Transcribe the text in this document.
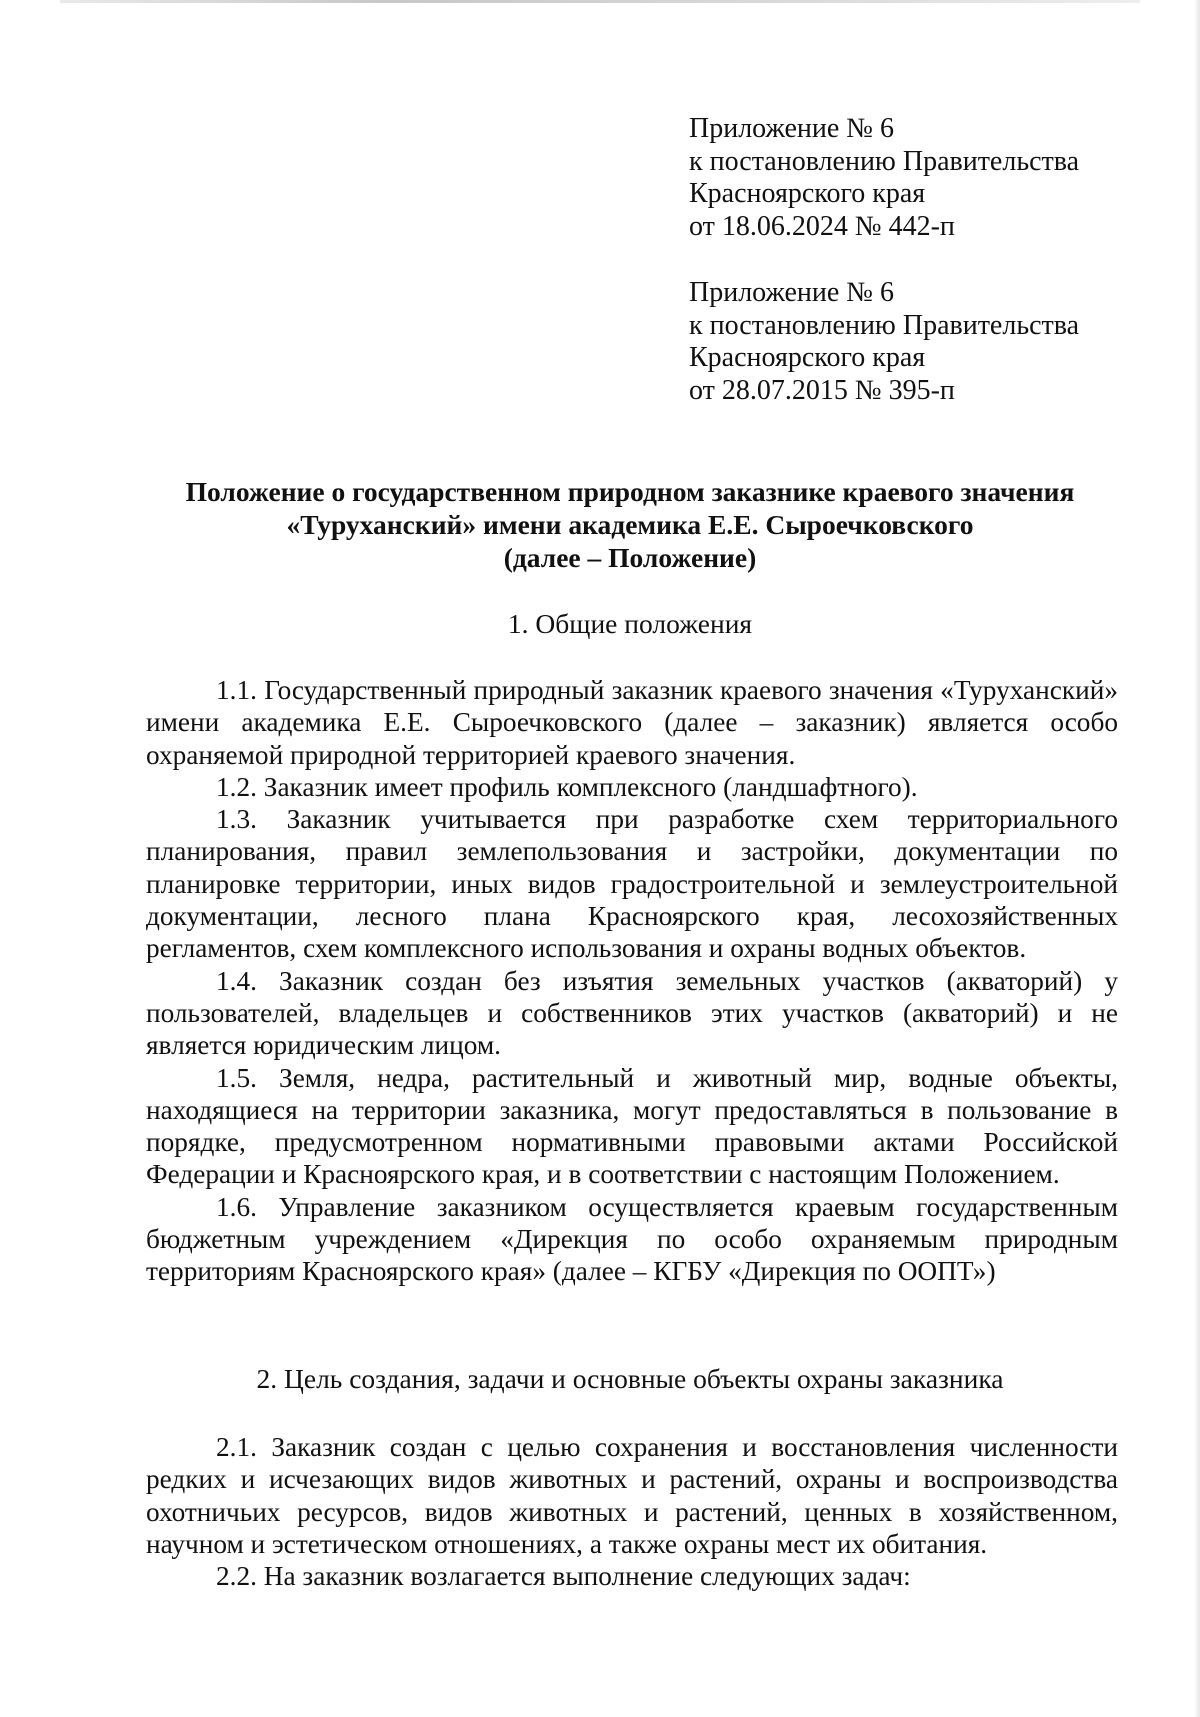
Приложение № 6
к постановлению Правительства
Красноярского края
от 18.06.2024 № 442-п
Приложение № 6
к постановлению Правительства
Красноярского края
от 28.07.2015 № 395-п
Положение о государственном природном заказнике краевого значения
«Туруханский» имени академика Е.Е. Сыроечковского
(далее – Положение)
1. Общие положения

1.1. Государственный природный заказник краевого значения «Туруханский» имени академика Е.Е. Сыроечковского (далее – заказник) является особо охраняемой природной территорией краевого значения.

1.2. Заказник имеет профиль комплексного (ландшафтного).

1.3. Заказник учитывается при разработке схем территориального планирования, правил землепользования и застройки, документации по планировке территории, иных видов градостроительной и землеустроительной документации, лесного плана Красноярского края, лесохозяйственных регламентов, схем комплексного использования и охраны водных объектов.

1.4. Заказник создан без изъятия земельных участков (акваторий) у пользователей, владельцев и собственников этих участков (акваторий) и не является юридическим лицом.

1.5. Земля, недра, растительный и животный мир, водные объекты, находящиеся на территории заказника, могут предоставляться в пользование в порядке, предусмотренном нормативными правовыми актами Российской Федерации и Красноярского края, и в соответствии с настоящим Положением.

1.6. Управление заказником осуществляется краевым государственным бюджетным учреждением «Дирекция по особо охраняемым природным территориям Красноярского края» (далее – КГБУ «Дирекция по ООПТ»)

2. Цель создания, задачи и основные объекты охраны заказника

2.1. Заказник создан с целью сохранения и восстановления численности редких и исчезающих видов животных и растений, охраны и воспроизводства охотничьих ресурсов, видов животных и растений, ценных в хозяйственном, научном и эстетическом отношениях, а также охраны мест их обитания.

2.2. На заказник возлагается выполнение следующих задач:
